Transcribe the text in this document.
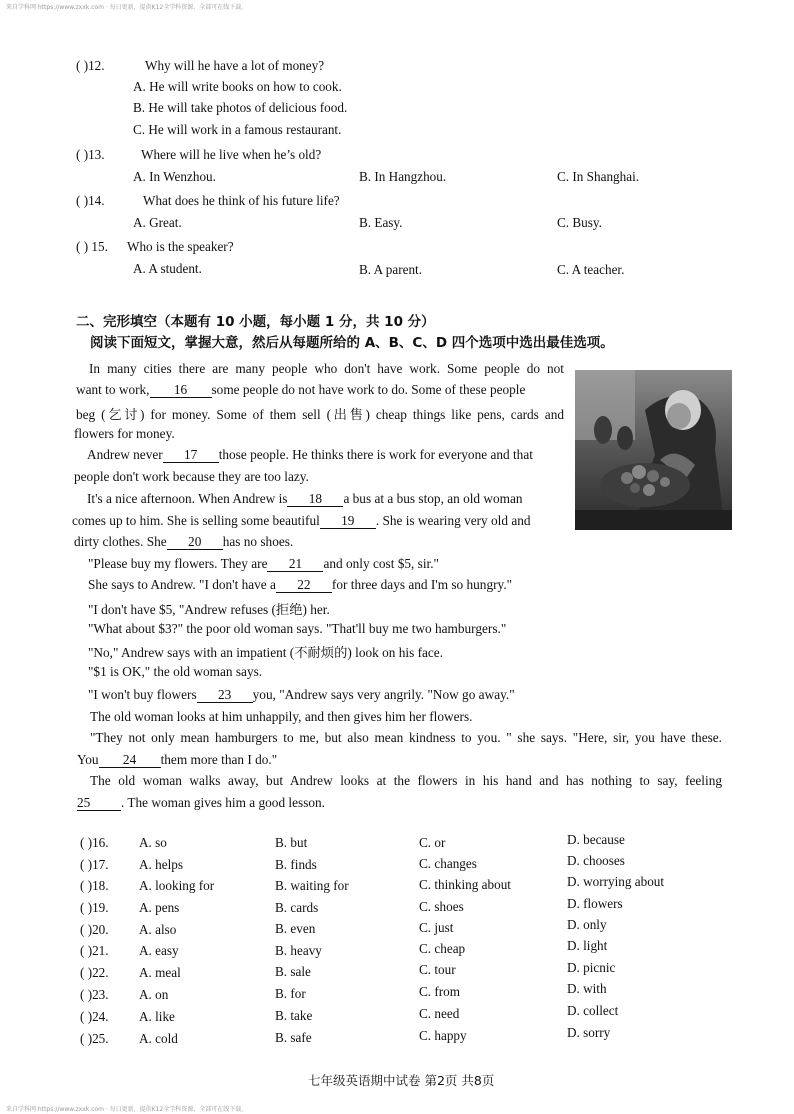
来自学科网 https://www.zxxk.com · 每日更新，提供K12全学科资源，全部可在线下载。
( )12.	Why will he have a lot of money?
A. He will write books on how to cook.
B. He will take photos of delicious food.
C. He will work in a famous restaurant.
( )13.	Where will he live when he’s old?
A. In Wenzhou.	B. In Hangzhou.	C. In Shanghai.
( )14.	What does he think of his future life?
A. Great.	B. Easy.	C. Busy.
( ) 15. Who is the speaker?
A. A student.	B. A parent.	C. A teacher.
二、完形填空（本题有 10 小题，每小题 1 分，共 10 分）
阅读下面短文，掌握大意，然后从每题所给的 A、B、C、D 四个选项中选出最佳选项。
In many cities there are many people who don't have work. Some people do not
want to work, 16 some people do not have work to do. Some of these people
beg (乞讨) for money. Some of them sell (出售) cheap things like pens, cards and
flowers for money.
Andrew never 17 those people. He thinks there is work for everyone and that
people don't work because they are too lazy.
It's a nice afternoon. When Andrew is 18 a bus at a bus stop, an old woman
comes up to him. She is selling some beautiful 19 . She is wearing very old and
dirty clothes. She 20 has no shoes.
"Please buy my flowers. They are 21 and only cost $5, sir."
She says to Andrew. "I don't have a 22 for three days and I'm so hungry."
"I don't have $5, "Andrew refuses (拒绝) her.
"What about $3?" the poor old woman says. "That'll buy me two hamburgers."
"No," Andrew says with an impatient (不耐烦的) look on his face.
"$1 is OK," the old woman says.
"I won't buy flowers 23 you, "Andrew says very angrily. "Now go away."
The old woman looks at him unhappily, and then gives him her flowers.
"They not only mean hamburgers to me, but also mean kindness to you. " she says. "Here, sir, you have these.
You 24 them more than I do."
The old woman walks away, but Andrew looks at the flowers in his hand and has nothing to say, feeling
25 . The woman gives him a good lesson.
( )16. A. so	B. but	C. or	D. because
( )17. A. helps	B. finds	C. changes	D. chooses
( )18. A. looking for	B. waiting for	C. thinking about	D. worrying about
( )19. A. pens	B. cards	C. shoes	D. flowers
( )20. A. also	B. even	C. just	D. only
( )21. A. easy	B. heavy	C. cheap	D. light
( )22. A. meal	B. sale	C. tour	D. picnic
( )23. A. on	B. for	C. from	D. with
( )24. A. like	B. take	C. need	D. collect
( )25. A. cold	B. safe	C. happy	D. sorry
七年级英语期中试卷 第2页 共8页
来自学科网 https://www.zxxk.com · 每日更新，提供K12全学科资源，全部可在线下载。
